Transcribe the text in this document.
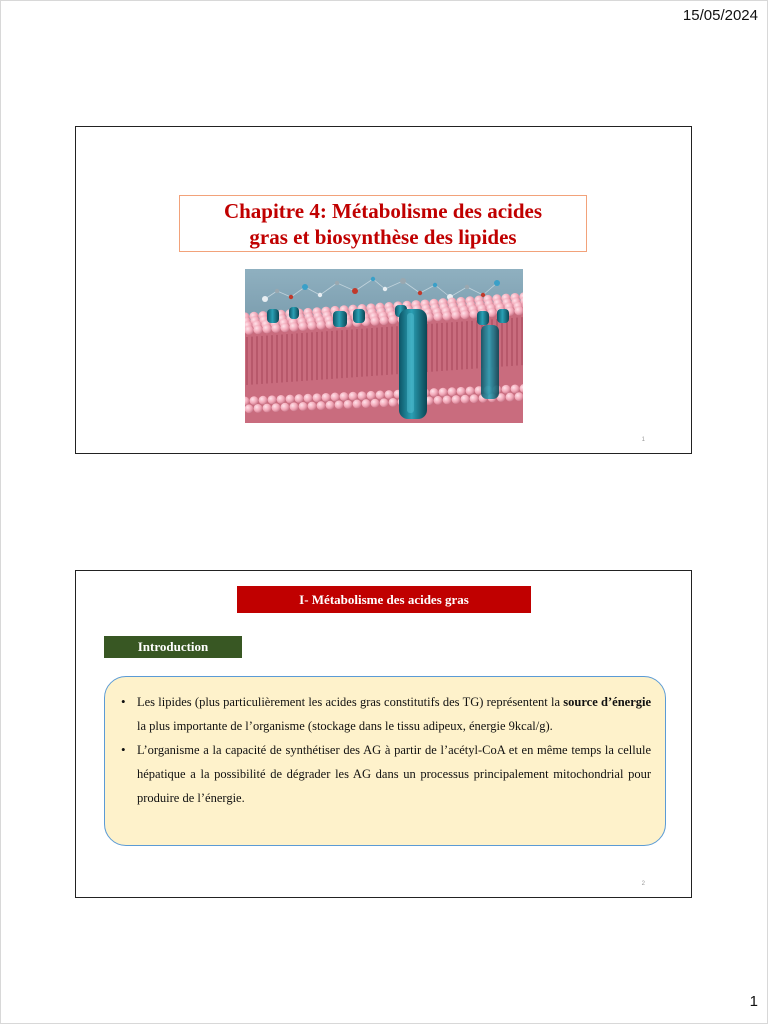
15/05/2024
Chapitre 4: Métabolisme des acides
gras et biosynthèse des lipides
1
I- Métabolisme des acides gras
Introduction
• Les lipides (plus particulièrement les acides gras constitutifs des TG) représentent la source d’énergie la plus importante de l’organisme (stockage dans le tissu adipeux, énergie 9kcal/g).
• L’organisme a la capacité de synthétiser des AG à partir de l’acétyl-CoA et en même temps la cellule hépatique a la possibilité de dégrader les AG dans un processus principalement mitochondrial pour produire de l’énergie.
2
1
